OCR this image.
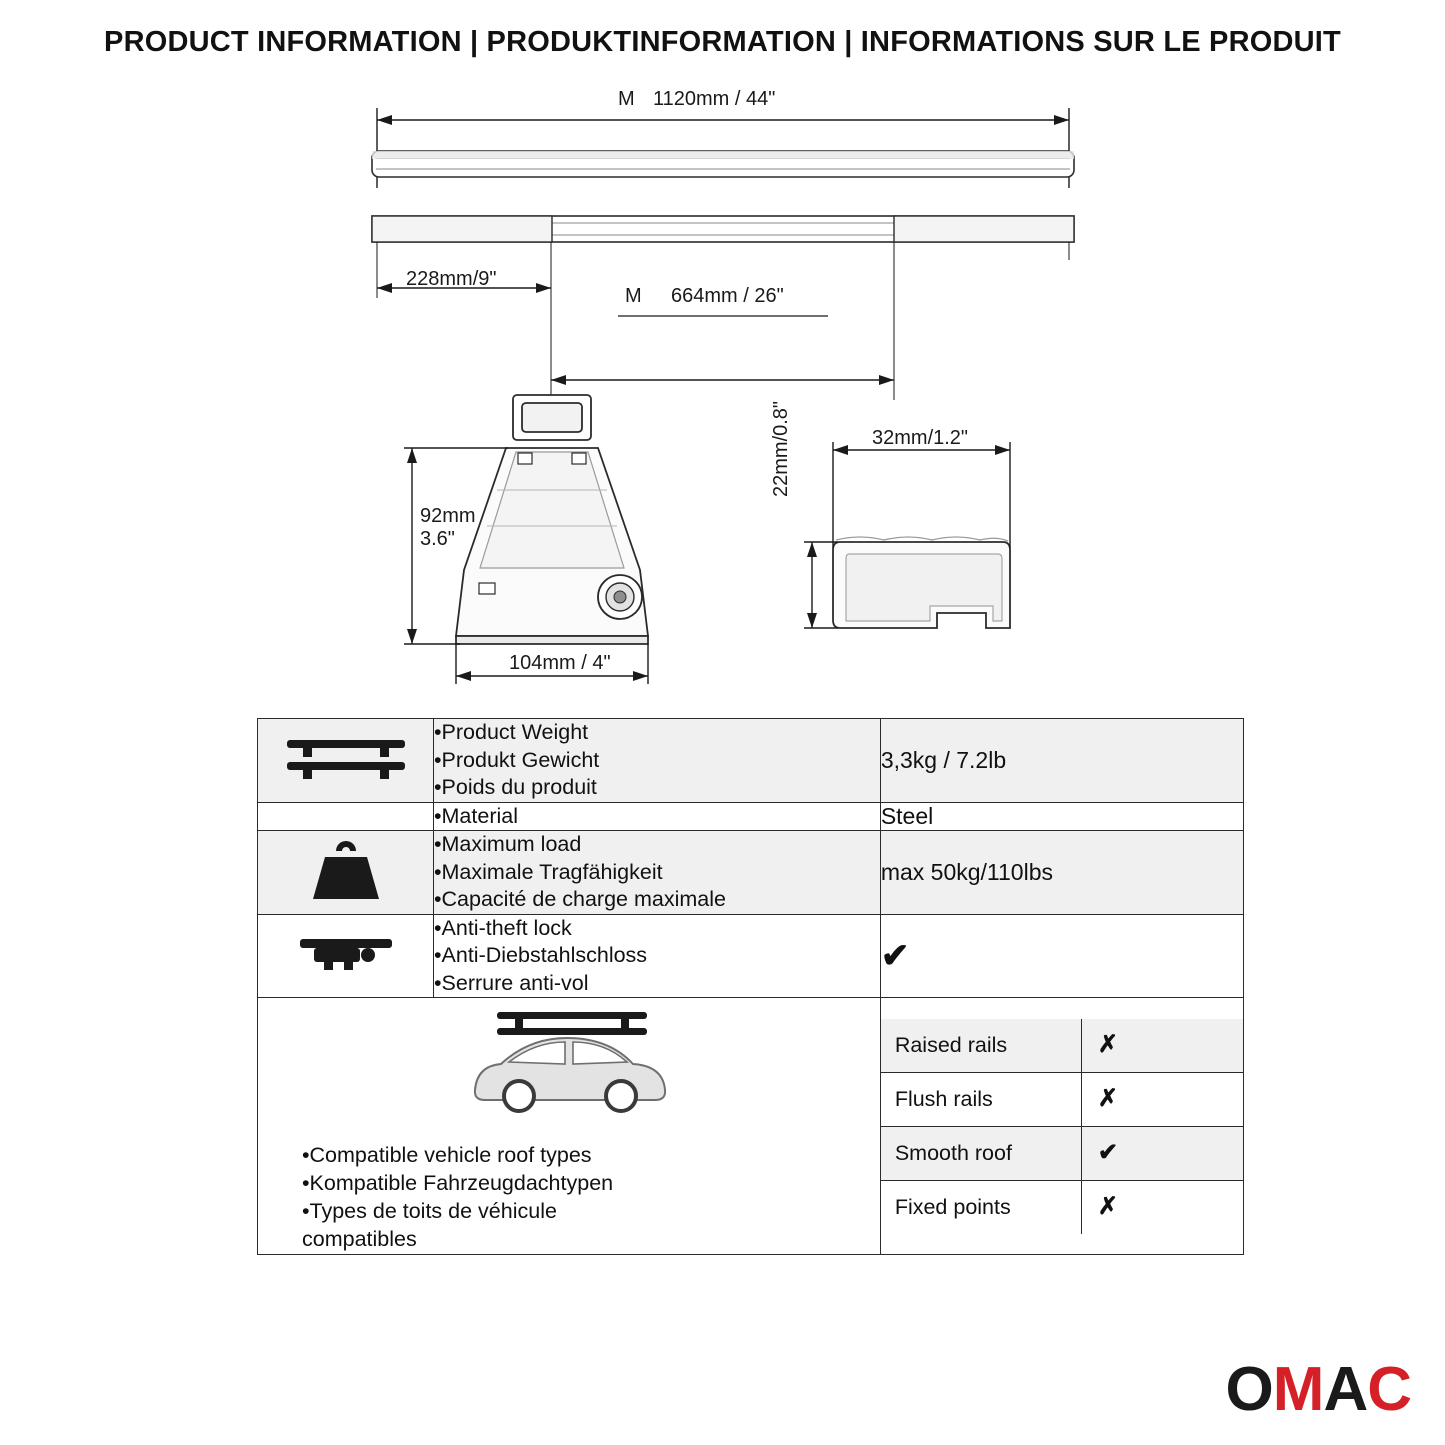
PRODUCT INFORMATION | PRODUKTINFORMATION | INFORMATIONS SUR LE PRODUIT
M 1120mm / 44"
228mm/9"
M 664mm / 26"
92mm
3.6"
104mm / 4"
32mm/1.2"
22mm/0.8"

•Product Weight
•Produkt Gewicht
•Poids du produit
	3,3kg / 7.2lb

•Material	Steel

•Maximum load
•Maximale Tragfähigkeit
•Capacité de charge maximale
	max 50kg/110lbs

•Anti-theft lock
•Anti-Diebstahlschloss
•Serrure anti-vol
	✔

•Compatible vehicle roof types
•Kompatible Fahrzeugdachtypen
•Types de toits de véhicule
compatibles

Raised rails	✗
Flush rails	✗
Smooth roof	✔
Fixed points	✗
OMAC
